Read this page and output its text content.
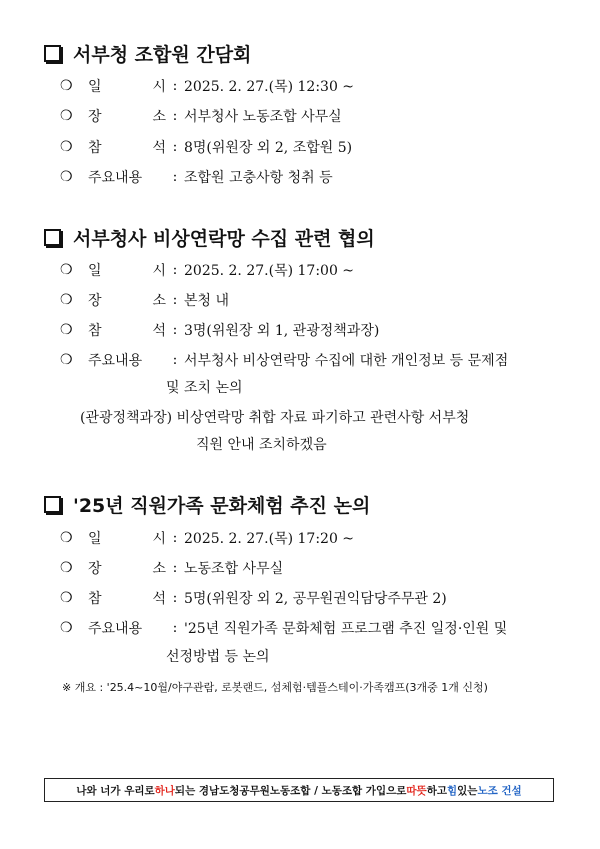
서부청 조합원 간담회
❍	일	시 : 2025. 2. 27.(목) 12:30 ~
❍	장	소 : 서부청사 노동조합 사무실
❍	참	석 : 8명(위원장 외 2, 조합원 5)
❍	주요내용	: 조합원 고충사항 청취 등
서부청사 비상연락망 수집 관련 협의
❍	일	시 : 2025. 2. 27.(목) 17:00 ~
❍	장	소 : 본청 내
❍	참	석 : 3명(위원장 외 1, 관광정책과장)
❍	주요내용	: 서부청사 비상연락망 수집에 대한 개인정보 등 문제점
및 조치 논의
(관광정책과장) 비상연락망 취합 자료 파기하고 관련사항 서부청
직원 안내 조치하겠음
'25년 직원가족 문화체험 추진 논의
❍	일	시 : 2025. 2. 27.(목) 17:20 ~
❍	장	소 : 노동조합 사무실
❍	참	석 : 5명(위원장 외 2, 공무원권익담당주무관 2)
❍	주요내용	: '25년 직원가족 문화체험 프로그램 추진 일정·인원 및
선정방법 등 논의
※ 개요 : '25.4~10월/야구관람, 로봇랜드, 섬체험·템플스테이·가족캠프(3개중 1개 신청)
나와 너가 우리로 하나 되는 경남도청공무원노동조합 / 노동조합 가입으로 따뜻 하고 힘 있는 노조 건설
